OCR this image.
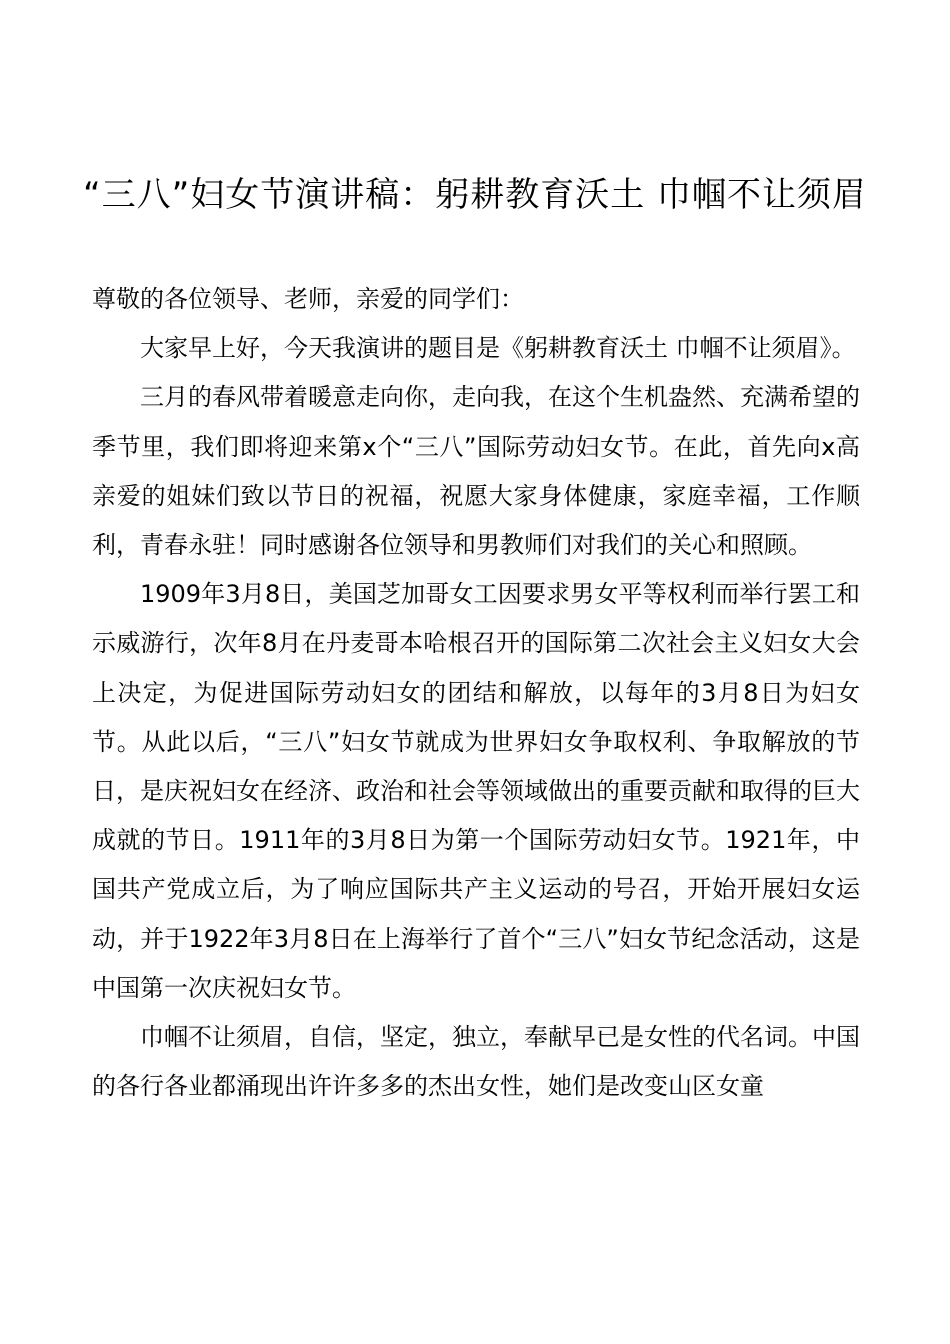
“三八”妇女节演讲稿：躬耕教育沃土 巾帼不让须眉

尊敬的各位领导、老师，亲爱的同学们：

大家早上好，今天我演讲的题目是《躬耕教育沃土 巾帼不让须眉》。

三月的春风带着暖意走向你，走向我，在这个生机盎然、充满希望的季节里，我们即将迎来第x个“三八”国际劳动妇女节。在此，首先向x高亲爱的姐妹们致以节日的祝福，祝愿大家身体健康，家庭幸福，工作顺利，青春永驻！同时感谢各位领导和男教师们对我们的关心和照顾。

1909年3月8日，美国芝加哥女工因要求男女平等权利而举行罢工和示威游行，次年8月在丹麦哥本哈根召开的国际第二次社会主义妇女大会上决定，为促进国际劳动妇女的团结和解放，以每年的3月8日为妇女节。从此以后，“三八”妇女节就成为世界妇女争取权利、争取解放的节日，是庆祝妇女在经济、政治和社会等领域做出的重要贡献和取得的巨大成就的节日。1911年的3月8日为第一个国际劳动妇女节。1921年，中国共产党成立后，为了响应国际共产主义运动的号召，开始开展妇女运动，并于1922年3月8日在上海举行了首个“三八”妇女节纪念活动，这是中国第一次庆祝妇女节。

巾帼不让须眉，自信，坚定，独立，奉献早已是女性的代名词。中国的各行各业都涌现出许许多多的杰出女性，她们是改变山区女童
